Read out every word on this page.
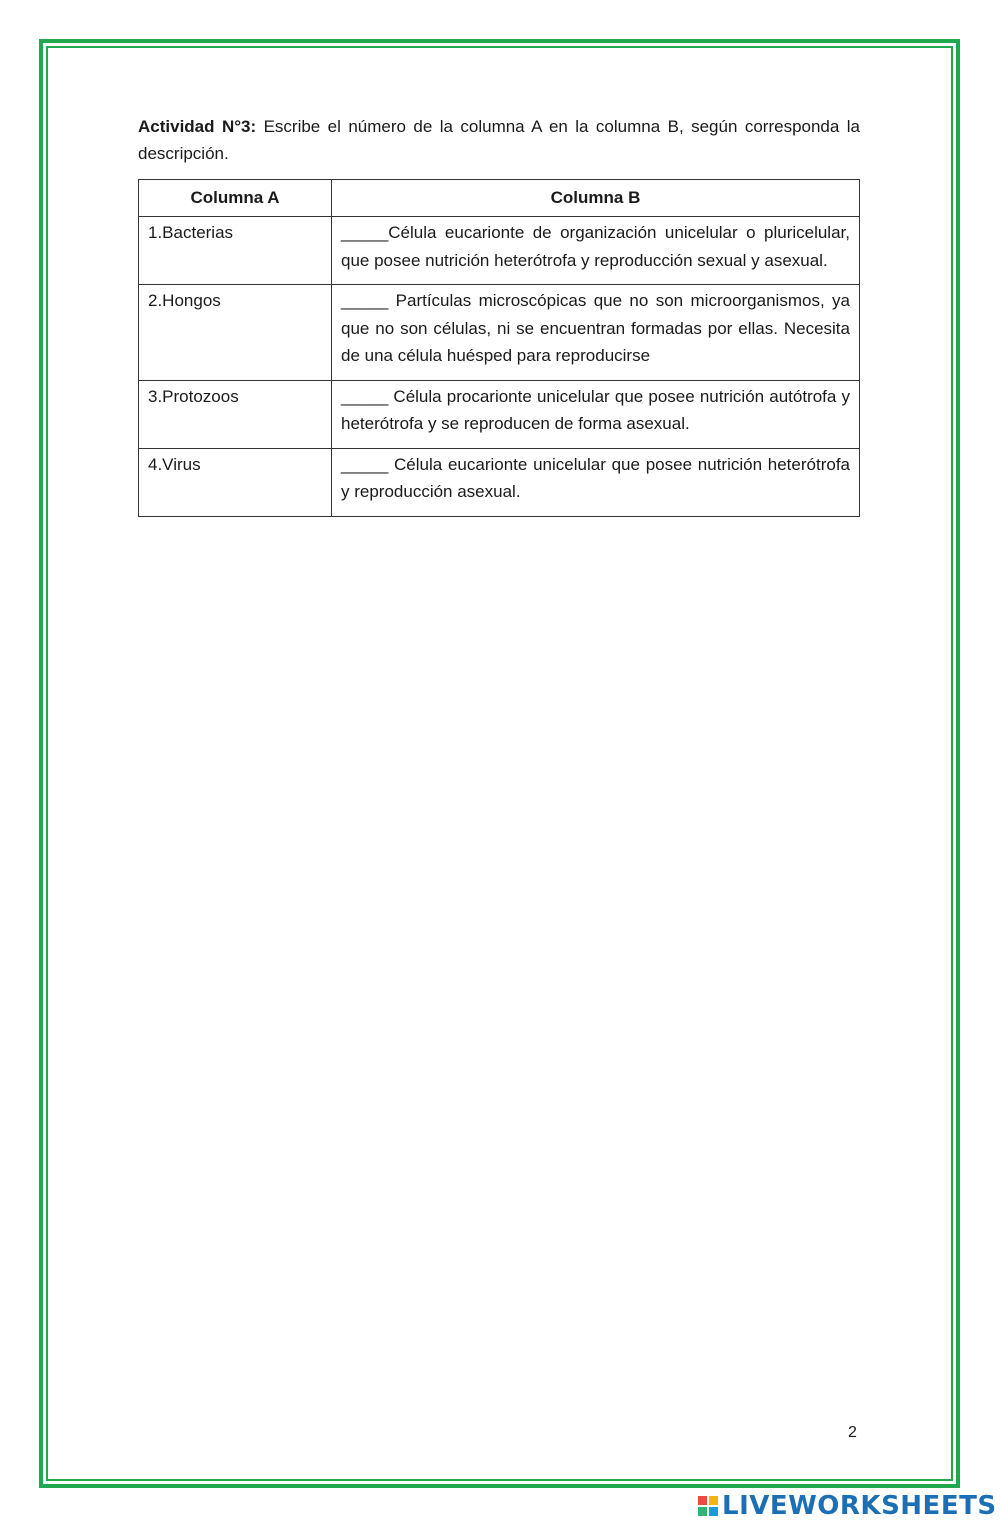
Actividad N°3: Escribe el número de la columna A en la columna B, según corresponda la descripción.
Columna A	Columna B
1.Bacterias	_____Célula eucarionte de organización unicelular o pluricelular, que posee nutrición heterótrofa y reproducción sexual y asexual.
2.Hongos	_____ Partículas microscópicas que no son microorganismos, ya que no son células, ni se encuentran formadas por ellas. Necesita de una célula huésped para reproducirse
3.Protozoos	_____ Célula procarionte unicelular que posee nutrición autótrofa y heterótrofa y se reproducen de forma asexual.
4.Virus	_____ Célula eucarionte unicelular que posee nutrición heterótrofa y reproducción asexual.
2
LIVEWORKSHEETS
